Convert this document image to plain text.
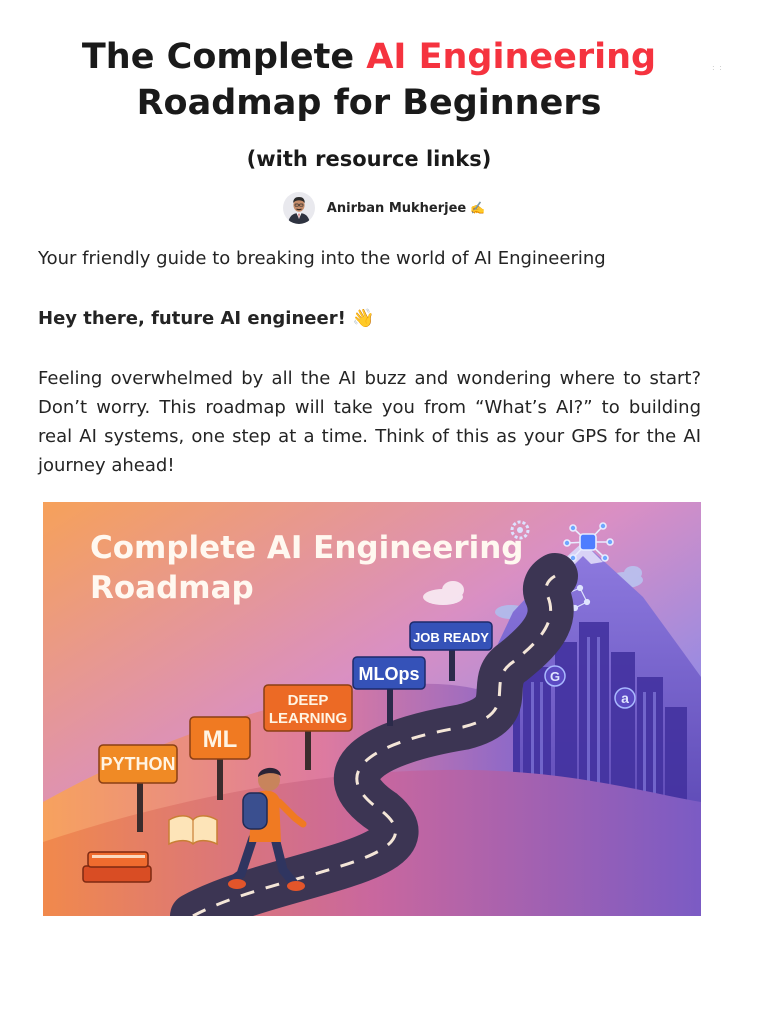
The Complete AI Engineering
Roadmap for Beginners
: :
(with resource links)
Anirban Mukherjee ✍️

Your friendly guide to breaking into the world of AI Engineering

Hey there, future AI engineer! 👋

Feeling overwhelmed by all the AI buzz and wondering where to start? Don’t worry. This roadmap will take you from “What’s AI?” to building real AI systems, one step at a time. Think of this as your GPS for the AI journey ahead!

G
a
PYTHON
ML
DEEP
LEARNING
MLOps
JOB READY
Complete AI Engineering
Roadmap
